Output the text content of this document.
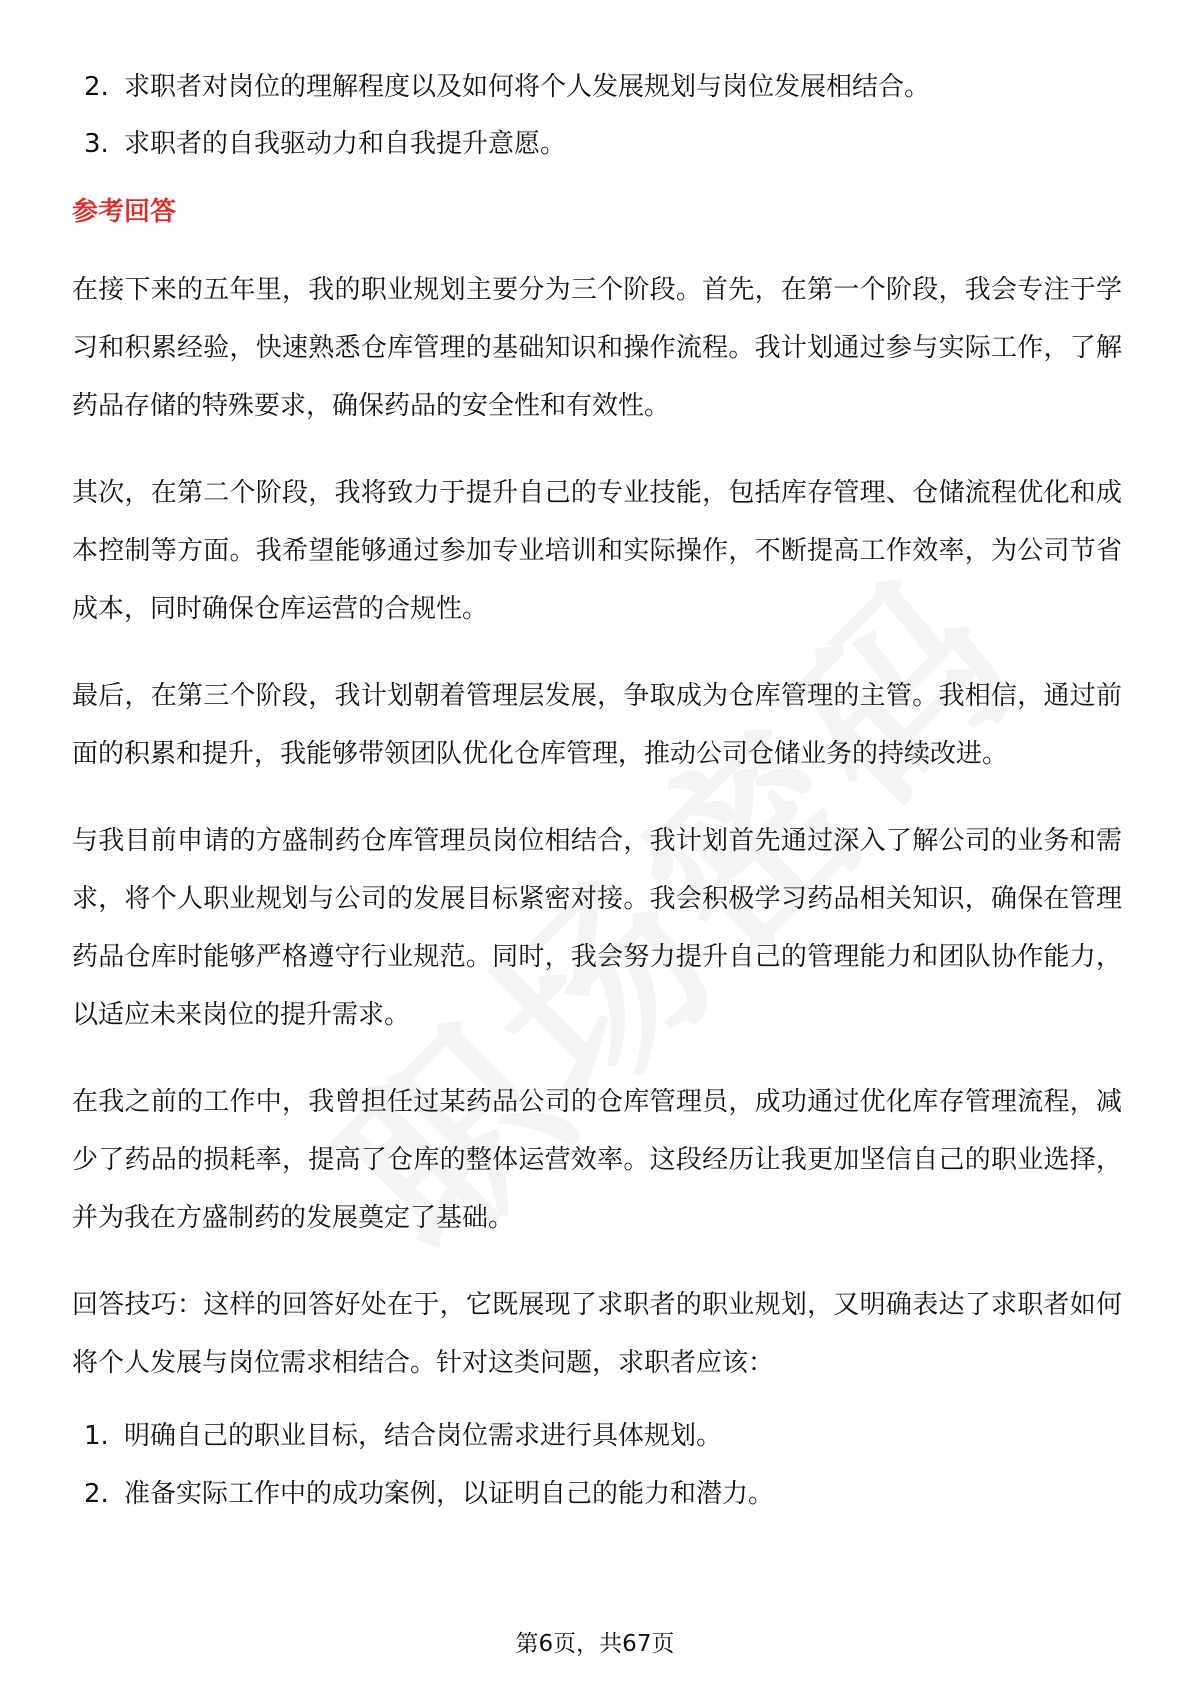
2. 求职者对岗位的理解程度以及如何将个人发展规划与岗位发展相结合。
3. 求职者的自我驱动力和自我提升意愿。
参考回答

在接下来的五年里，我的职业规划主要分为三个阶段。首先，在第一个阶段，我会专注于学习和积累经验，快速熟悉仓库管理的基础知识和操作流程。我计划通过参与实际工作，了解药品存储的特殊要求，确保药品的安全性和有效性。

其次，在第二个阶段，我将致力于提升自己的专业技能，包括库存管理、仓储流程优化和成本控制等方面。我希望能够通过参加专业培训和实际操作，不断提高工作效率，为公司节省成本，同时确保仓库运营的合规性。

最后，在第三个阶段，我计划朝着管理层发展，争取成为仓库管理的主管。我相信，通过前面的积累和提升，我能够带领团队优化仓库管理，推动公司仓储业务的持续改进。

与我目前申请的方盛制药仓库管理员岗位相结合，我计划首先通过深入了解公司的业务和需求，将个人职业规划与公司的发展目标紧密对接。我会积极学习药品相关知识，确保在管理药品仓库时能够严格遵守行业规范。同时，我会努力提升自己的管理能力和团队协作能力，以适应未来岗位的提升需求。

在我之前的工作中，我曾担任过某药品公司的仓库管理员，成功通过优化库存管理流程，减少了药品的损耗率，提高了仓库的整体运营效率。这段经历让我更加坚信自己的职业选择，并为我在方盛制药的发展奠定了基础。

回答技巧：这样的回答好处在于，它既展现了求职者的职业规划，又明确表达了求职者如何将个人发展与岗位需求相结合。针对这类问题，求职者应该：

1. 明确自己的职业目标，结合岗位需求进行具体规划。
2. 准备实际工作中的成功案例，以证明自己的能力和潜力。
第6页，共67页
